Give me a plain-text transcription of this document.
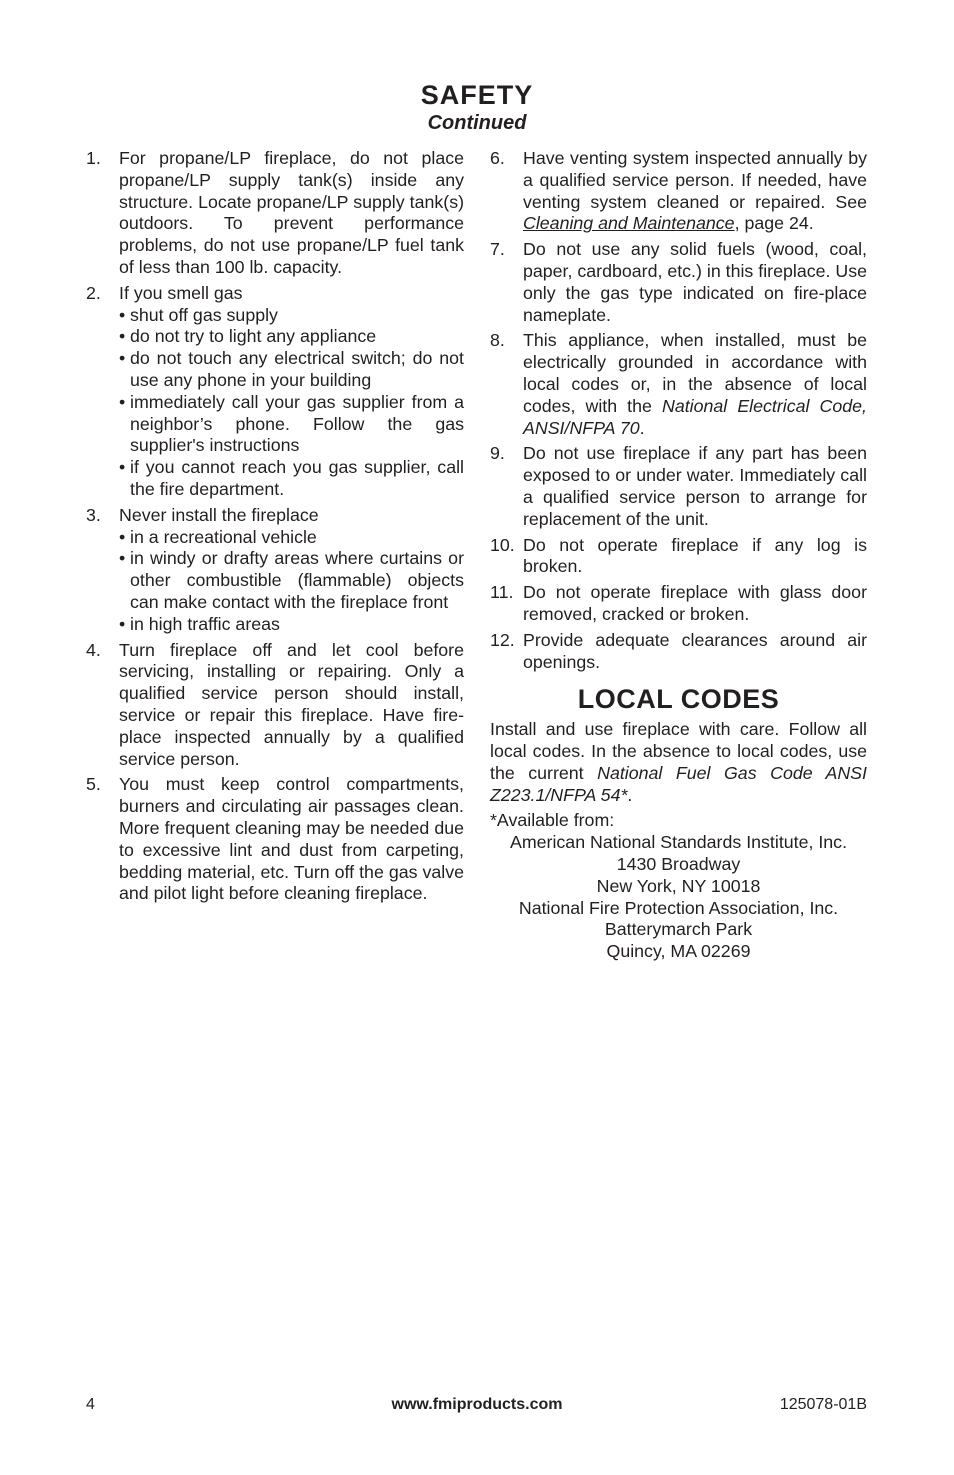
SAFETY
Continued
1. For propane/LP fireplace, do not place propane/LP supply tank(s) inside any structure. Locate propane/LP supply tank(s) outdoors. To prevent performance problems, do not use propane/LP fuel tank of less than 100 lb. capacity.
2. If you smell gas
• shut off gas supply
• do not try to light any appliance
• do not touch any electrical switch; do not use any phone in your building
• immediately call your gas supplier from a neighbor’s phone. Follow the gas supplier's instructions
• if you cannot reach you gas supplier, call the fire department.
3. Never install the fireplace
• in a recreational vehicle
• in windy or drafty areas where curtains or other combustible (flammable) objects can make contact with the fireplace front
• in high traffic areas
4. Turn fireplace off and let cool before servicing, installing or repairing. Only a qualified service person should install, service or repair this fireplace. Have fire-place inspected annually by a qualified service person.
5. You must keep control compartments, burners and circulating air passages clean. More frequent cleaning may be needed due to excessive lint and dust from carpeting, bedding material, etc. Turn off the gas valve and pilot light before cleaning fireplace.
6. Have venting system inspected annually by a qualified service person. If needed, have venting system cleaned or repaired. See Cleaning and Maintenance, page 24.
7. Do not use any solid fuels (wood, coal, paper, cardboard, etc.) in this fireplace. Use only the gas type indicated on fire-place nameplate.
8. This appliance, when installed, must be electrically grounded in accordance with local codes or, in the absence of local codes, with the National Electrical Code, ANSI/NFPA 70.
9. Do not use fireplace if any part has been exposed to or under water. Immediately call a qualified service person to arrange for replacement of the unit.
10. Do not operate fireplace if any log is broken.
11. Do not operate fireplace with glass door removed, cracked or broken.
12. Provide adequate clearances around air openings.
LOCAL CODES
Install and use fireplace with care. Follow all local codes. In the absence to local codes, use the current National Fuel Gas Code ANSI Z223.1/NFPA 54*.
*Available from:
American National Standards Institute, Inc.
1430 Broadway
New York, NY 10018
National Fire Protection Association, Inc.
Batterymarch Park
Quincy, MA 02269
4	www.fmiproducts.com	125078-01B
